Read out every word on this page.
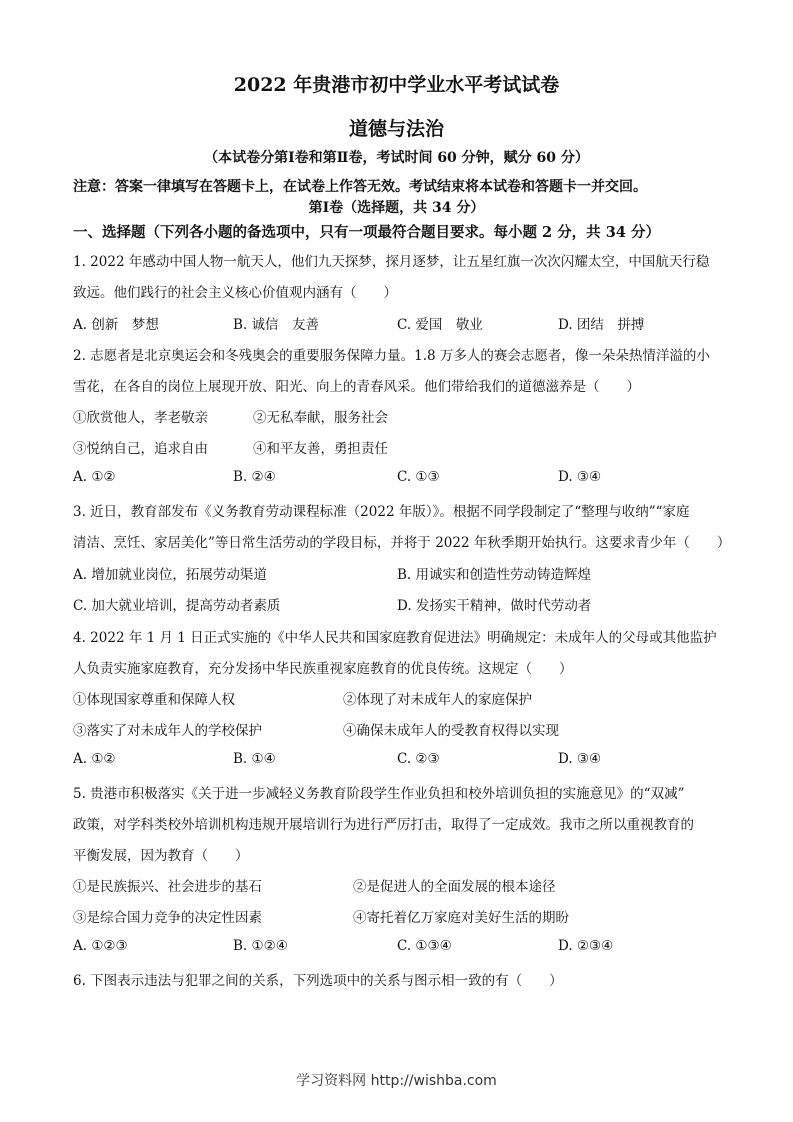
2022 年贵港市初中学业水平考试试卷
道德与法治
（本试卷分第Ⅰ卷和第Ⅱ卷，考试时间 60 分钟，赋分 60 分）
注意：答案一律填写在答题卡上，在试卷上作答无效。考试结束将本试卷和答题卡一并交回。
第Ⅰ卷（选择题，共 34 分）
一、选择题（下列各小题的备选项中，只有一项最符合题目要求。每小题 2 分，共 34 分）
1. 2022 年感动中国人物一航天人，他们九天探梦，探月逐梦，让五星红旗一次次闪耀太空，中国航天行稳
致远。他们践行的社会主义核心价值观内涵有（　　）
A. 创新　梦想	B. 诚信　友善	C. 爱国　敬业	D. 团结　拼搏
2. 志愿者是北京奥运会和冬残奥会的重要服务保障力量。1.8 万多人的赛会志愿者，像一朵朵热情洋溢的小
雪花，在各自的岗位上展现开放、阳光、向上的青春风采。他们带给我们的道德滋养是（　　）
①欣赏他人，孝老敬亲	②无私奉献，服务社会
③悦纳自己，追求自由	④和平友善，勇担责任
A. ①②	B. ②④	C. ①③	D. ③④
3. 近日，教育部发布《义务教育劳动课程标准（2022 年版）》。根据不同学段制定了“整理与收纳”“家庭
清洁、烹饪、家居美化”等日常生活劳动的学段目标，并将于 2022 年秋季期开始执行。这要求青少年（　　）
A. 增加就业岗位，拓展劳动渠道	B. 用诚实和创造性劳动铸造辉煌
C. 加大就业培训，提高劳动者素质	D. 发扬实干精神，做时代劳动者
4. 2022 年 1 月 1 日正式实施的《中华人民共和国家庭教育促进法》明确规定：未成年人的父母或其他监护
人负责实施家庭教育，充分发扬中华民族重视家庭教育的优良传统。这规定（　　）
①体现国家尊重和保障人权	②体现了对未成年人的家庭保护
③落实了对未成年人的学校保护	④确保未成年人的受教育权得以实现
A. ①②	B. ①④	C. ②③	D. ③④
5. 贵港市积极落实《关于进一步减轻义务教育阶段学生作业负担和校外培训负担的实施意见》的“双减”
政策，对学科类校外培训机构违规开展培训行为进行严厉打击，取得了一定成效。我市之所以重视教育的
平衡发展，因为教育（　　）
①是民族振兴、社会进步的基石	②是促进人的全面发展的根本途径
③是综合国力竞争的决定性因素	④寄托着亿万家庭对美好生活的期盼
A. ①②③	B. ①②④	C. ①③④	D. ②③④
6. 下图表示违法与犯罪之间的关系，下列选项中的关系与图示相一致的有（　　）
学习资料网 http://wishba.com
